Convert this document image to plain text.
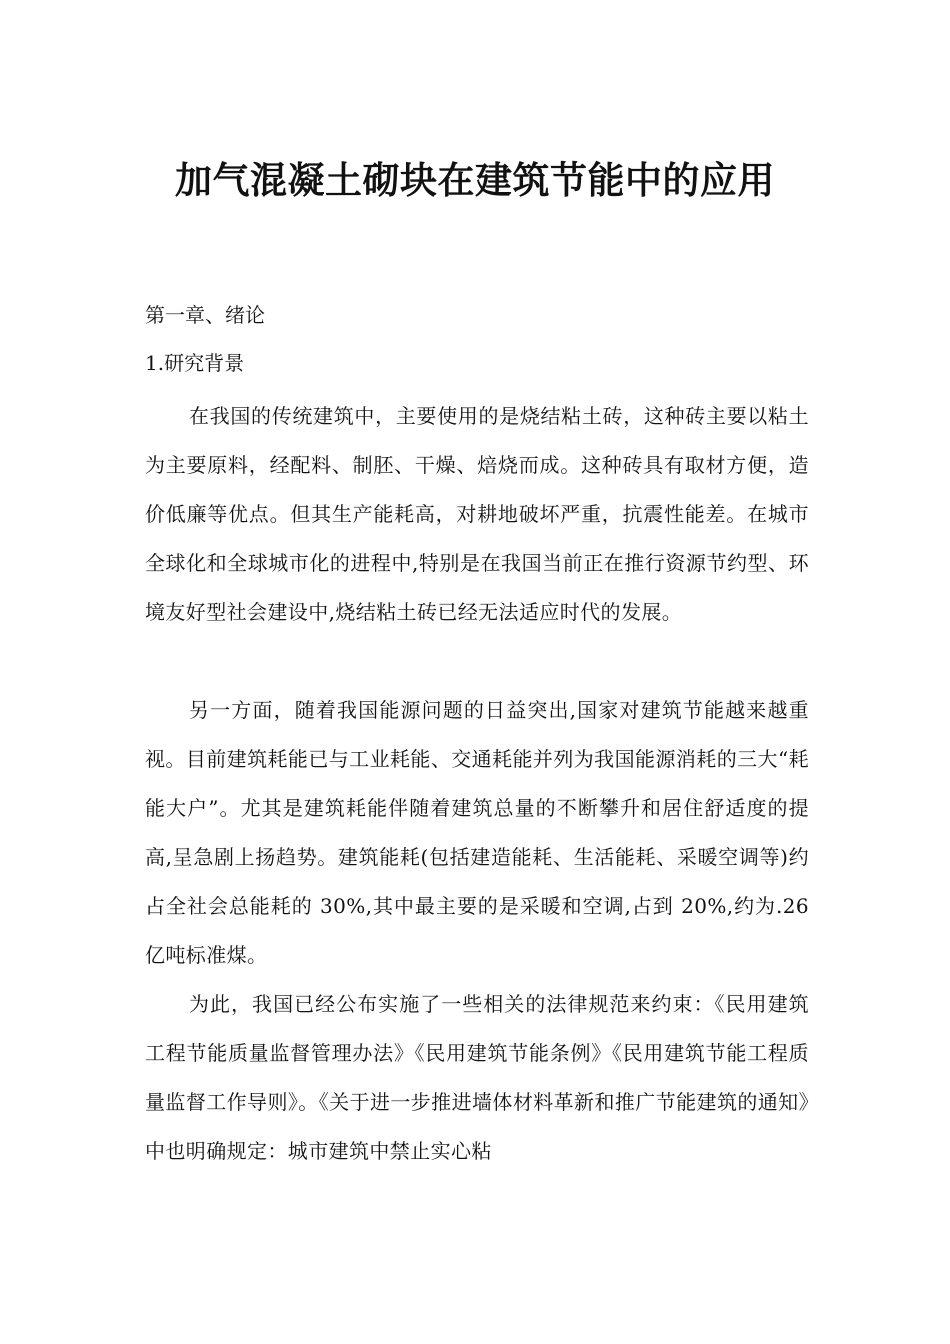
加气混凝土砌块在建筑节能中的应用

第一章、绪论

1.研究背景

在我国的传统建筑中，主要使用的是烧结粘土砖，这种砖主要以粘土为主要原料，经配料、制胚、干燥、焙烧而成。这种砖具有取材方便，造价低廉等优点。但其生产能耗高，对耕地破坏严重，抗震性能差。在城市全球化和全球城市化的进程中,特别是在我国当前正在推行资源节约型、环境友好型社会建设中,烧结粘土砖已经无法适应时代的发展。

另一方面，随着我国能源问题的日益突出,国家对建筑节能越来越重视。目前建筑耗能已与工业耗能、交通耗能并列为我国能源消耗的三大“耗能大户”。尤其是建筑耗能伴随着建筑总量的不断攀升和居住舒适度的提高,呈急剧上扬趋势。建筑能耗(包括建造能耗、生活能耗、采暖空调等)约占全社会总能耗的 30%,其中最主要的是采暖和空调,占到 20%,约为.26 亿吨标准煤。

为此，我国已经公布实施了一些相关的法律规范来约束：《民用建筑工程节能质量监督管理办法》《民用建筑节能条例》《民用建筑节能工程质量监督工作导则》。《关于进一步推进墙体材料革新和推广节能建筑的通知》中也明确规定：城市建筑中禁止实心粘
